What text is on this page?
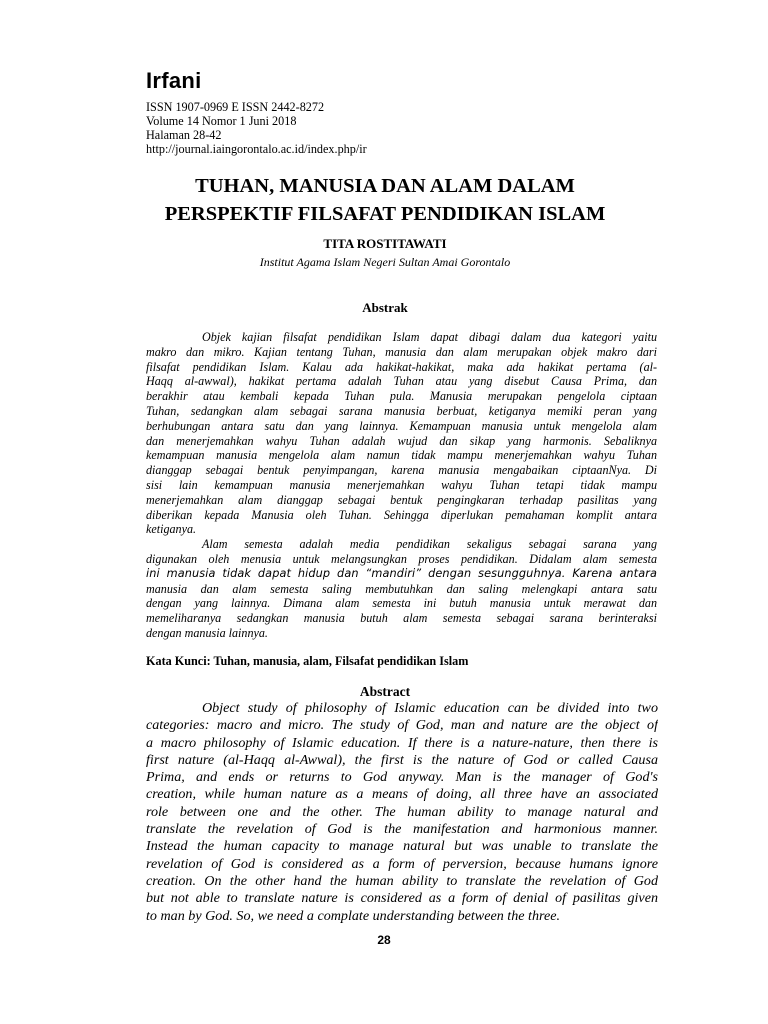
Irfani
ISSN 1907-0969 E ISSN 2442-8272
Volume 14 Nomor 1 Juni 2018
Halaman 28-42
http://journal.iaingorontalo.ac.id/index.php/ir
TUHAN, MANUSIA DAN ALAM DALAM
PERSPEKTIF FILSAFAT PENDIDIKAN ISLAM
TITA ROSTITAWATI
Institut Agama Islam Negeri Sultan Amai Gorontalo
Abstrak
Objek kajian filsafat pendidikan Islam dapat dibagi dalam dua kategori yaitu
makro dan mikro. Kajian tentang Tuhan, manusia dan alam merupakan objek makro dari
filsafat pendidikan Islam. Kalau ada hakikat-hakikat, maka ada hakikat pertama (al-
Haqq al-awwal), hakikat pertama adalah Tuhan atau yang disebut Causa Prima, dan
berakhir atau kembali kepada Tuhan pula. Manusia merupakan pengelola ciptaan
Tuhan, sedangkan alam sebagai sarana manusia berbuat, ketiganya memiki peran yang
berhubungan antara satu dan yang lainnya. Kemampuan manusia untuk mengelola alam
dan menerjemahkan wahyu Tuhan adalah wujud dan sikap yang harmonis. Sebaliknya
kemampuan manusia mengelola alam namun tidak mampu menerjemahkan wahyu Tuhan
dianggap sebagai bentuk penyimpangan, karena manusia mengabaikan ciptaanNya. Di
sisi lain kemampuan manusia menerjemahkan wahyu Tuhan tetapi tidak mampu
menerjemahkan alam dianggap sebagai bentuk pengingkaran terhadap pasilitas yang
diberikan kepada Manusia oleh Tuhan. Sehingga diperlukan pemahaman komplit antara
ketiganya.
Alam semesta adalah media pendidikan sekaligus sebagai sarana yang
digunakan oleh menusia untuk melangsungkan proses pendidikan. Didalam alam semesta
ini manusia tidak dapat hidup dan “mandiri” dengan sesungguhnya. Karena antara
manusia dan alam semesta saling membutuhkan dan saling melengkapi antara satu
dengan yang lainnya. Dimana alam semesta ini butuh manusia untuk merawat dan
memeliharanya sedangkan manusia butuh alam semesta sebagai sarana berinteraksi
dengan manusia lainnya.
Kata Kunci: Tuhan, manusia, alam, Filsafat pendidikan Islam
Abstract
Object study of philosophy of Islamic education can be divided into two
categories: macro and micro. The study of God, man and nature are the object of
a macro philosophy of Islamic education. If there is a nature-nature, then there is
first nature (al-Haqq al-Awwal), the first is the nature of God or called Causa
Prima, and ends or returns to God anyway. Man is the manager of God's
creation, while human nature as a means of doing, all three have an associated
role between one and the other. The human ability to manage natural and
translate the revelation of God is the manifestation and harmonious manner.
Instead the human capacity to manage natural but was unable to translate the
revelation of God is considered as a form of perversion, because humans ignore
creation. On the other hand the human ability to translate the revelation of God
but not able to translate nature is considered as a form of denial of pasilitas given
to man by God. So, we need a complate understanding between the three.
28
